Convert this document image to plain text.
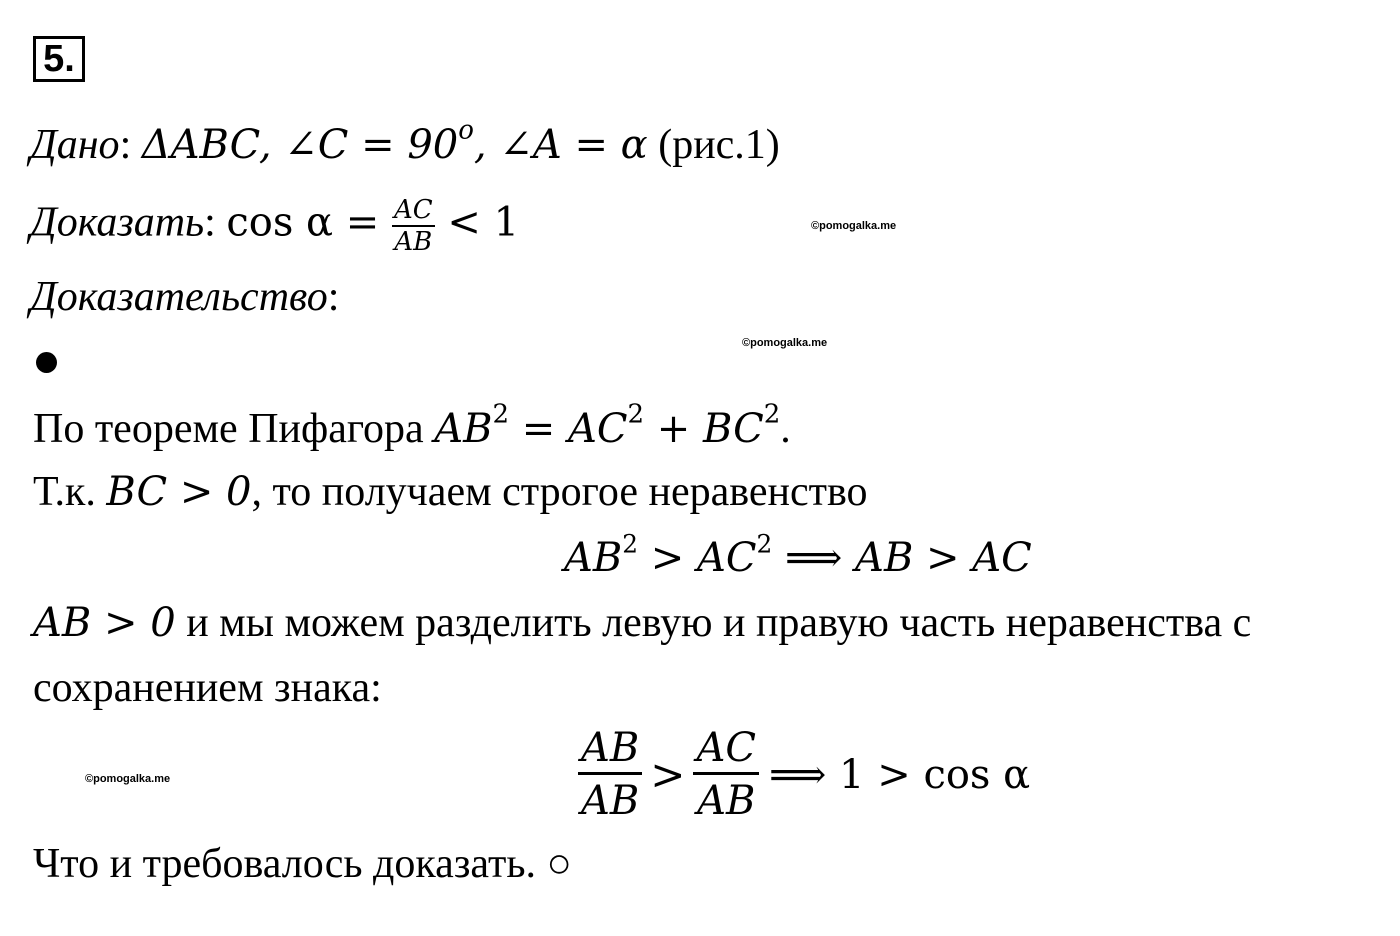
5.
Дано: ΔABC, ∠C = $90^o$, ∠A = α (рис.1)
Доказать: $\cos \alpha = \frac{AC}{AB} < 1$	©pomogalka.me
Доказательство:
©pomogalka.me
По теореме Пифагора $AB^2 = AC^2 + BC^2$.
Т.к. BC > 0, то получаем строгое неравенство
$AB^2 > AC^2$ ⟹ AB > AC
AB > 0 и мы можем разделить левую и правую часть неравенства с
сохранением знака:
©pomogalka.me	$\frac{AB}{AB} > \frac{AC}{AB}$ ⟹ 1 > cos α
Что и требовалось доказать. ○
